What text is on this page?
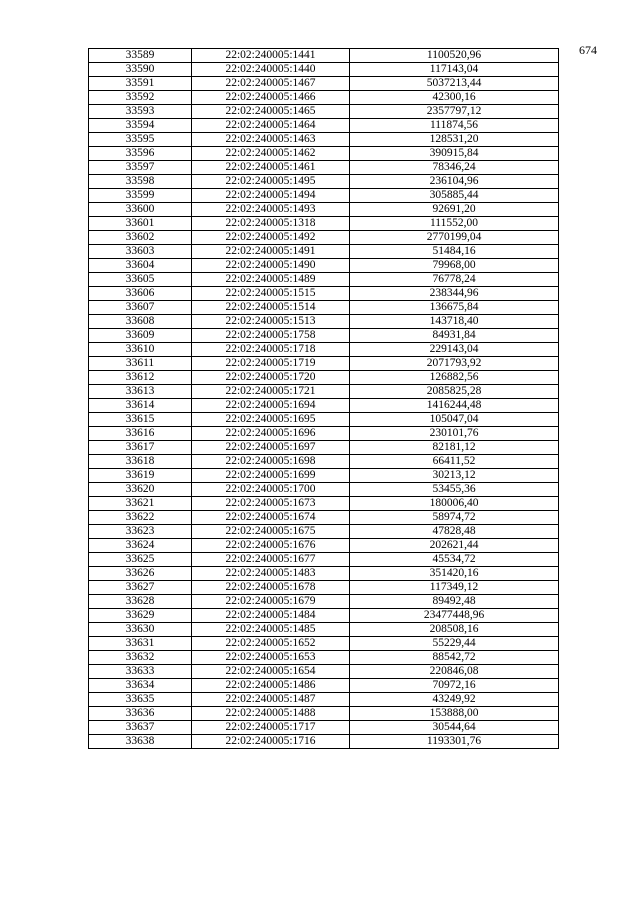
674
33589	22:02:240005:1441	1100520,96
33590	22:02:240005:1440	117143,04
33591	22:02:240005:1467	5037213,44
33592	22:02:240005:1466	42300,16
33593	22:02:240005:1465	2357797,12
33594	22:02:240005:1464	111874,56
33595	22:02:240005:1463	128531,20
33596	22:02:240005:1462	390915,84
33597	22:02:240005:1461	78346,24
33598	22:02:240005:1495	236104,96
33599	22:02:240005:1494	305885,44
33600	22:02:240005:1493	92691,20
33601	22:02:240005:1318	111552,00
33602	22:02:240005:1492	2770199,04
33603	22:02:240005:1491	51484,16
33604	22:02:240005:1490	79968,00
33605	22:02:240005:1489	76778,24
33606	22:02:240005:1515	238344,96
33607	22:02:240005:1514	136675,84
33608	22:02:240005:1513	143718,40
33609	22:02:240005:1758	84931,84
33610	22:02:240005:1718	229143,04
33611	22:02:240005:1719	2071793,92
33612	22:02:240005:1720	126882,56
33613	22:02:240005:1721	2085825,28
33614	22:02:240005:1694	1416244,48
33615	22:02:240005:1695	105047,04
33616	22:02:240005:1696	230101,76
33617	22:02:240005:1697	82181,12
33618	22:02:240005:1698	66411,52
33619	22:02:240005:1699	30213,12
33620	22:02:240005:1700	53455,36
33621	22:02:240005:1673	180006,40
33622	22:02:240005:1674	58974,72
33623	22:02:240005:1675	47828,48
33624	22:02:240005:1676	202621,44
33625	22:02:240005:1677	45534,72
33626	22:02:240005:1483	351420,16
33627	22:02:240005:1678	117349,12
33628	22:02:240005:1679	89492,48
33629	22:02:240005:1484	23477448,96
33630	22:02:240005:1485	208508,16
33631	22:02:240005:1652	55229,44
33632	22:02:240005:1653	88542,72
33633	22:02:240005:1654	220846,08
33634	22:02:240005:1486	70972,16
33635	22:02:240005:1487	43249,92
33636	22:02:240005:1488	153888,00
33637	22:02:240005:1717	30544,64
33638	22:02:240005:1716	1193301,76
